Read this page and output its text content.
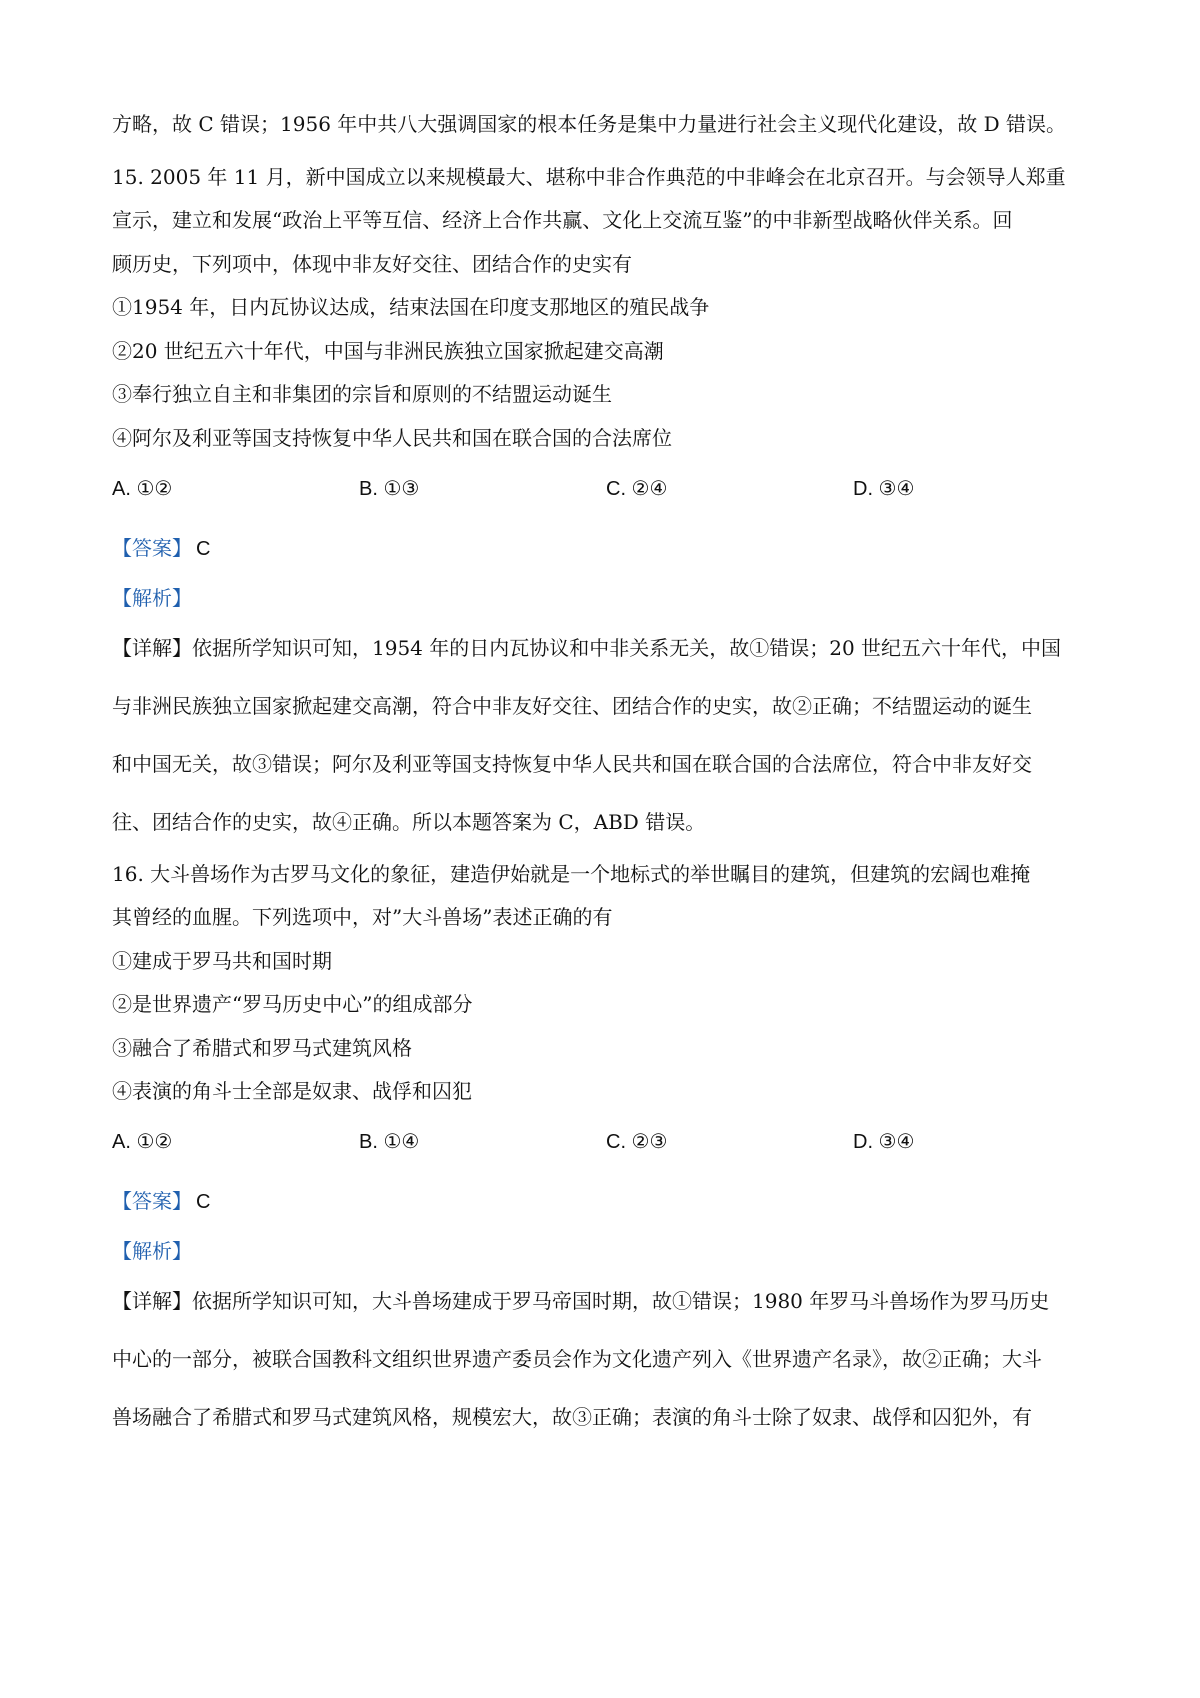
方略，故 C 错误；1956 年中共八大强调国家的根本任务是集中力量进行社会主义现代化建设，故 D 错误。
15. 2005 年 11 月，新中国成立以来规模最大、堪称中非合作典范的中非峰会在北京召开。与会领导人郑重
宣示，建立和发展“政治上平等互信、经济上合作共赢、文化上交流互鉴”的中非新型战略伙伴关系。回
顾历史，下列项中，体现中非友好交往、团结合作的史实有
①1954 年，日内瓦协议达成，结束法国在印度支那地区的殖民战争
②20 世纪五六十年代，中国与非洲民族独立国家掀起建交高潮
③奉行独立自主和非集团的宗旨和原则的不结盟运动诞生
④阿尔及利亚等国支持恢复中华人民共和国在联合国的合法席位
A. ①②	B. ①③	C. ②④	D. ③④
【答案】 C
【解析】
【详解】依据所学知识可知，1954 年的日内瓦协议和中非关系无关，故①错误；20 世纪五六十年代，中国
与非洲民族独立国家掀起建交高潮，符合中非友好交往、团结合作的史实，故②正确；不结盟运动的诞生
和中国无关，故③错误；阿尔及利亚等国支持恢复中华人民共和国在联合国的合法席位，符合中非友好交
往、团结合作的史实，故④正确。所以本题答案为 C，ABD 错误。
16. 大斗兽场作为古罗马文化的象征，建造伊始就是一个地标式的举世瞩目的建筑，但建筑的宏阔也难掩
其曾经的血腥。下列选项中，对”大斗兽场”表述正确的有
①建成于罗马共和国时期
②是世界遗产“罗马历史中心”的组成部分
③融合了希腊式和罗马式建筑风格
④表演的角斗士全部是奴隶、战俘和囚犯
A. ①②	B. ①④	C. ②③	D. ③④
【答案】 C
【解析】
【详解】依据所学知识可知，大斗兽场建成于罗马帝国时期，故①错误；1980 年罗马斗兽场作为罗马历史
中心的一部分，被联合国教科文组织世界遗产委员会作为文化遗产列入《世界遗产名录》，故②正确；大斗
兽场融合了希腊式和罗马式建筑风格，规模宏大，故③正确；表演的角斗士除了奴隶、战俘和囚犯外，有
